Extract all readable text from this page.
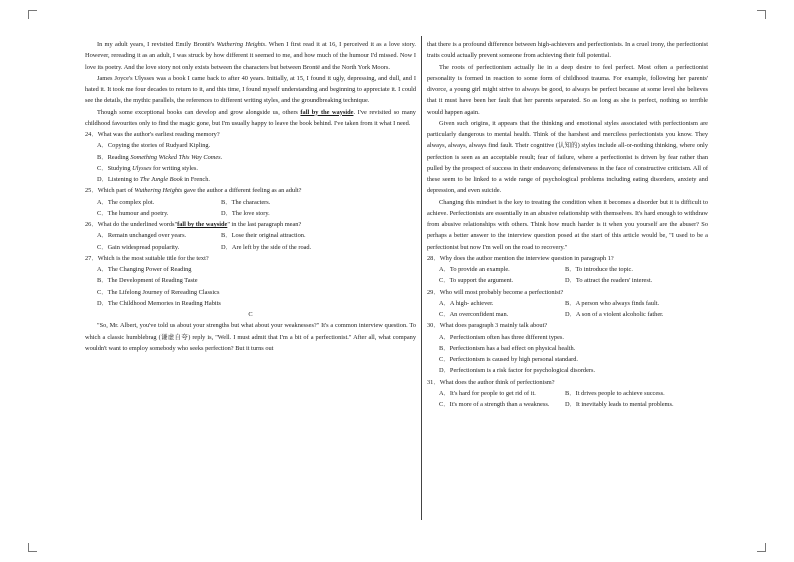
In my adult years, I revisited Emily Brontë's Wuthering Heights. When I first read it at 16, I perceived it as a love story. However, rereading it as an adult, I was struck by how different it seemed to me, and how much of the humour I'd missed. Now I love its poetry. And the love story not only exists between the characters but between Brontë and the North York Moors.

James Joyce's Ulysses was a book I came back to after 40 years. Initially, at 15, I found it ugly, depressing, and dull, and I hated it. It took me four decades to return to it, and this time, I found myself understanding and beginning to appreciate it. I could see the details, the mythic parallels, the references to different writing styles, and the groundbreaking technique.

Though some exceptional books can develop and grow alongside us, others fall by the wayside. I've revisited so many childhood favourites only to find the magic gone, but I'm usually happy to leave the book behind. I've taken from it what I need.

24．What was the author's earliest reading memory?

A．Copying the stories of Rudyard Kipling.

B．Reading Something Wicked This Way Comes.

C．Studying Ulysses for writing styles.

D．Listening to The Jungle Book in French.

25．Which part of Wuthering Heights gave the author a different feeling as an adult?

A．The complex plot.	B．The characters.
C．The humour and poetry.	D．The love story.

26．What do the underlined words"fall by the wayside" in the last paragraph mean?

A．Remain unchanged over years.	B．Lose their original attraction.
C．Gain widespread popularity.	D．Are left by the side of the road.

27．Which is the most suitable title for the text?

A．The Changing Power of Reading

B．The Development of Reading Taste

C．The Lifelong Journey of Rereading Classics

D．The Childhood Memories in Reading Habits

C

"So, Mr. Albert, you've told us about your strengths but what about your weaknesses?" It's a common interview question. To which a classic humblebrag (谦虚自夸) reply is, "Well. I must admit that I'm a bit of a perfectionist." After all, what company wouldn't want to employ somebody who seeks perfection? But it turns out

that there is a profound difference between high-achievers and perfectionists. In a cruel irony, the perfectionist traits could actually prevent someone from achieving their full potential.

The roots of perfectionism actually lie in a deep desire to feel perfect. Most often a perfectionist personality is formed in reaction to some form of childhood trauma. For example, following her parents' divorce, a young girl might strive to always be good, to always be perfect because at some level she believes that it must have been her fault that her parents separated. So as long as she is perfect, nothing so terrible would happen again.

Given such origins, it appears that the thinking and emotional styles associated with perfectionism are particularly dangerous to mental health. Think of the harshest and merciless perfectionists you know. They always, always, always find fault. Their cognitive (认知的) styles include all-or-nothing thinking, where only perfection is seen as an acceptable result; fear of failure, where a perfectionist is driven by fear rather than pulled by the prospect of success in their endeavors; defensiveness in the face of constructive criticism. All of these seem to be linked to a wide range of psychological problems including eating disorders, anxiety and depression, and even suicide.

Changing this mindset is the key to treating the condition when it becomes a disorder but it is difficult to achieve. Perfectionists are essentially in an abusive relationship with themselves. It's hard enough to withdraw from abusive relationships with others. Think how much harder is it when you yourself are the abuser? So perhaps a better answer to the interview question posed at the start of this article would be, "I used to be a perfectionist but now I'm well on the road to recovery."

28．Why does the author mention the interview question in paragraph 1?

A．To provide an example.	B．To introduce the topic.
C．To support the argument.	D．To attract the readers' interest.

29．Who will most probably become a perfectionist?

A．A high- achiever.	B．A person who always finds fault.
C．An overconfident man.	D．A son of a violent alcoholic father.

30．What does paragraph 3 mainly talk about?

A．Perfectionism often has three different types.

B．Perfectionism has a bad effect on physical health.

C．Perfectionism is caused by high personal standard.

D．Perfectionism is a risk factor for psychological disorders.

31．What does the author think of perfectionism?

A．It's hard for people to get rid of it.	B．It drives people to achieve success.
C．It's more of a strength than a weakness. D．It inevitably leads to mental problems.
